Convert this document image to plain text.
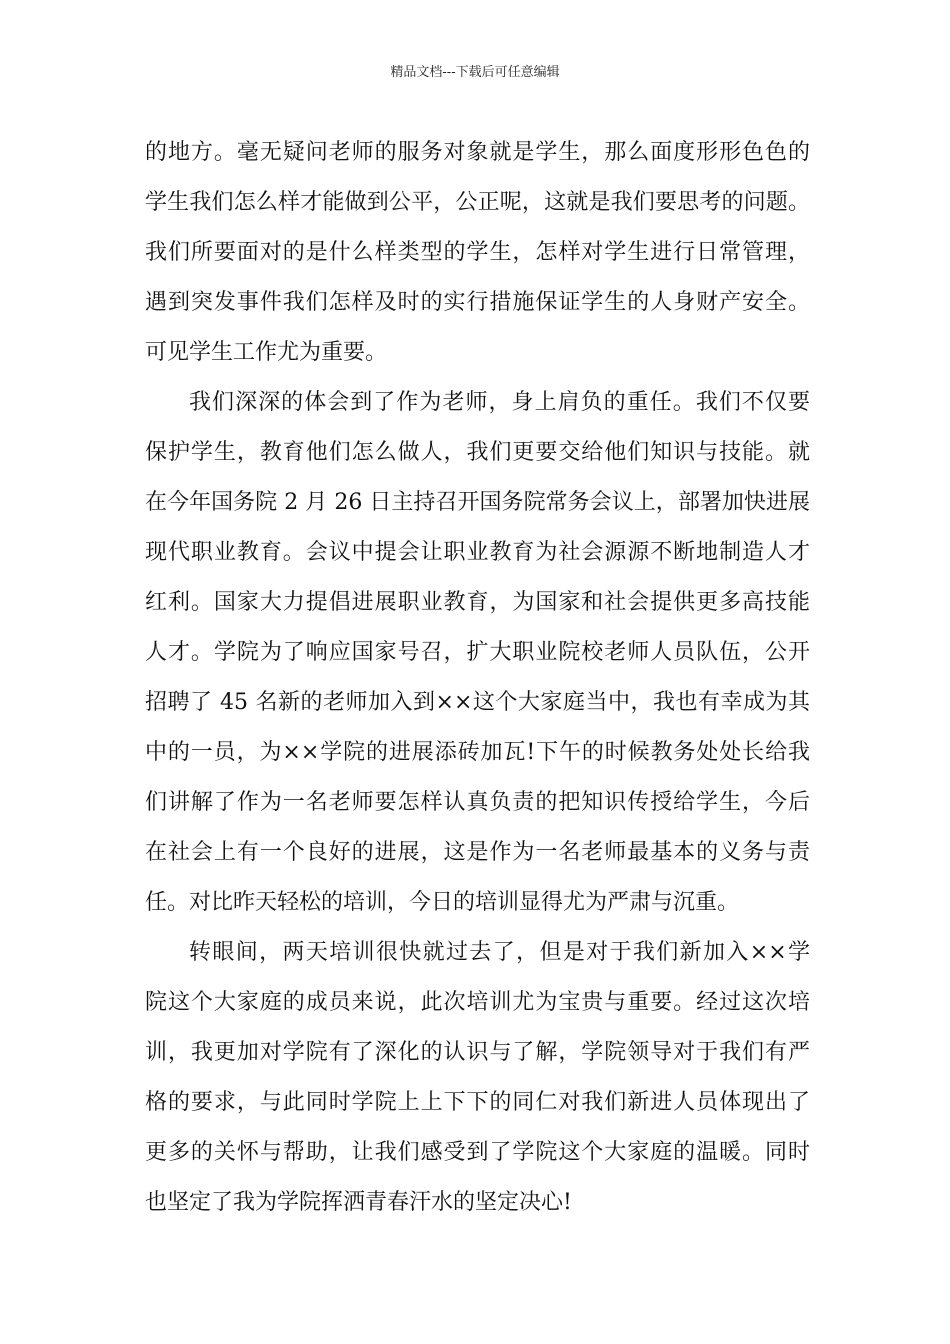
精品文档---下载后可任意编辑
的地方。毫无疑问老师的服务对象就是学生，那么面度形形色色的
学生我们怎么样才能做到公平，公正呢，这就是我们要思考的问题。
我们所要面对的是什么样类型的学生，怎样对学生进行日常管理，
遇到突发事件我们怎样及时的实行措施保证学生的人身财产安全。
可见学生工作尤为重要。
我们深深的体会到了作为老师，身上肩负的重任。我们不仅要
保护学生，教育他们怎么做人，我们更要交给他们知识与技能。就
在今年国务院 2 月 26 日主持召开国务院常务会议上，部署加快进展
现代职业教育。会议中提会让职业教育为社会源源不断地制造人才
红利。国家大力提倡进展职业教育，为国家和社会提供更多高技能
人才。学院为了响应国家号召，扩大职业院校老师人员队伍，公开
招聘了 45 名新的老师加入到××这个大家庭当中，我也有幸成为其
中的一员，为××学院的进展添砖加瓦!下午的时候教务处处长给我
们讲解了作为一名老师要怎样认真负责的把知识传授给学生，今后
在社会上有一个良好的进展，这是作为一名老师最基本的义务与责
任。对比昨天轻松的培训，今日的培训显得尤为严肃与沉重。
转眼间，两天培训很快就过去了，但是对于我们新加入××学
院这个大家庭的成员来说，此次培训尤为宝贵与重要。经过这次培
训，我更加对学院有了深化的认识与了解，学院领导对于我们有严
格的要求，与此同时学院上上下下的同仁对我们新进人员体现出了
更多的关怀与帮助，让我们感受到了学院这个大家庭的温暖。同时
也坚定了我为学院挥洒青春汗水的坚定决心!
